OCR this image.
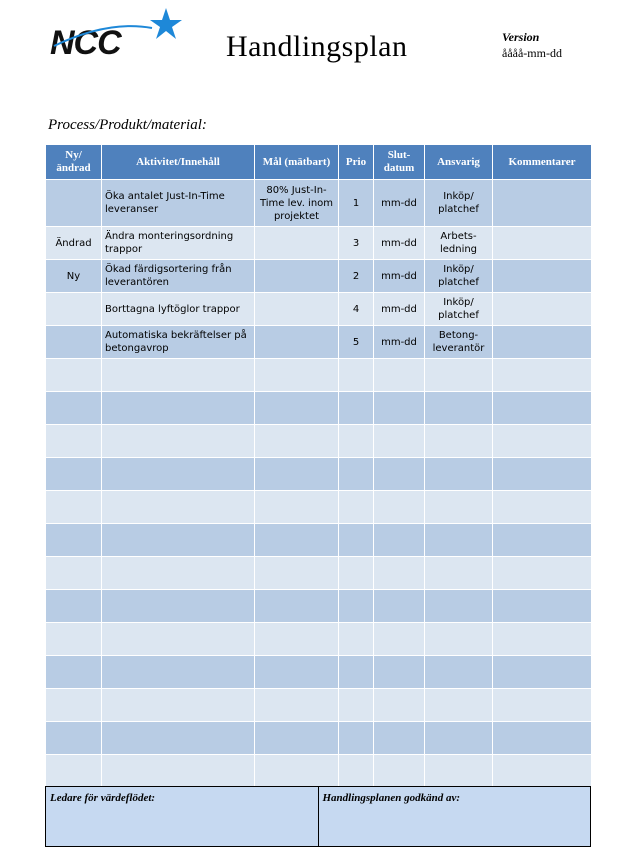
NCC	Handlingsplan	Version
åååå-mm-dd
Process/Produkt/material:
Ny/ ändrad	Aktivitet/Innehåll	Mål (mätbart)	Prio	Slut-datum	Ansvarig	Kommentarer
	Öka antalet Just-In-Time leveranser	80% Just-In-Time lev. inom projektet	1	mm-dd	Inköp/ platchef	
Ändrad	Ändra monteringsordning trappor		3	mm-dd	Arbets-ledning	
Ny	Ökad färdigsortering från leverantören		2	mm-dd	Inköp/ platchef	
	Borttagna lyftöglor trappor		4	mm-dd	Inköp/ platchef	
	Automatiska bekräftelser på betongavrop		5	mm-dd	Betong-leverantör	

Ledare för värdeflödet:	Handlingsplanen godkänd av:
